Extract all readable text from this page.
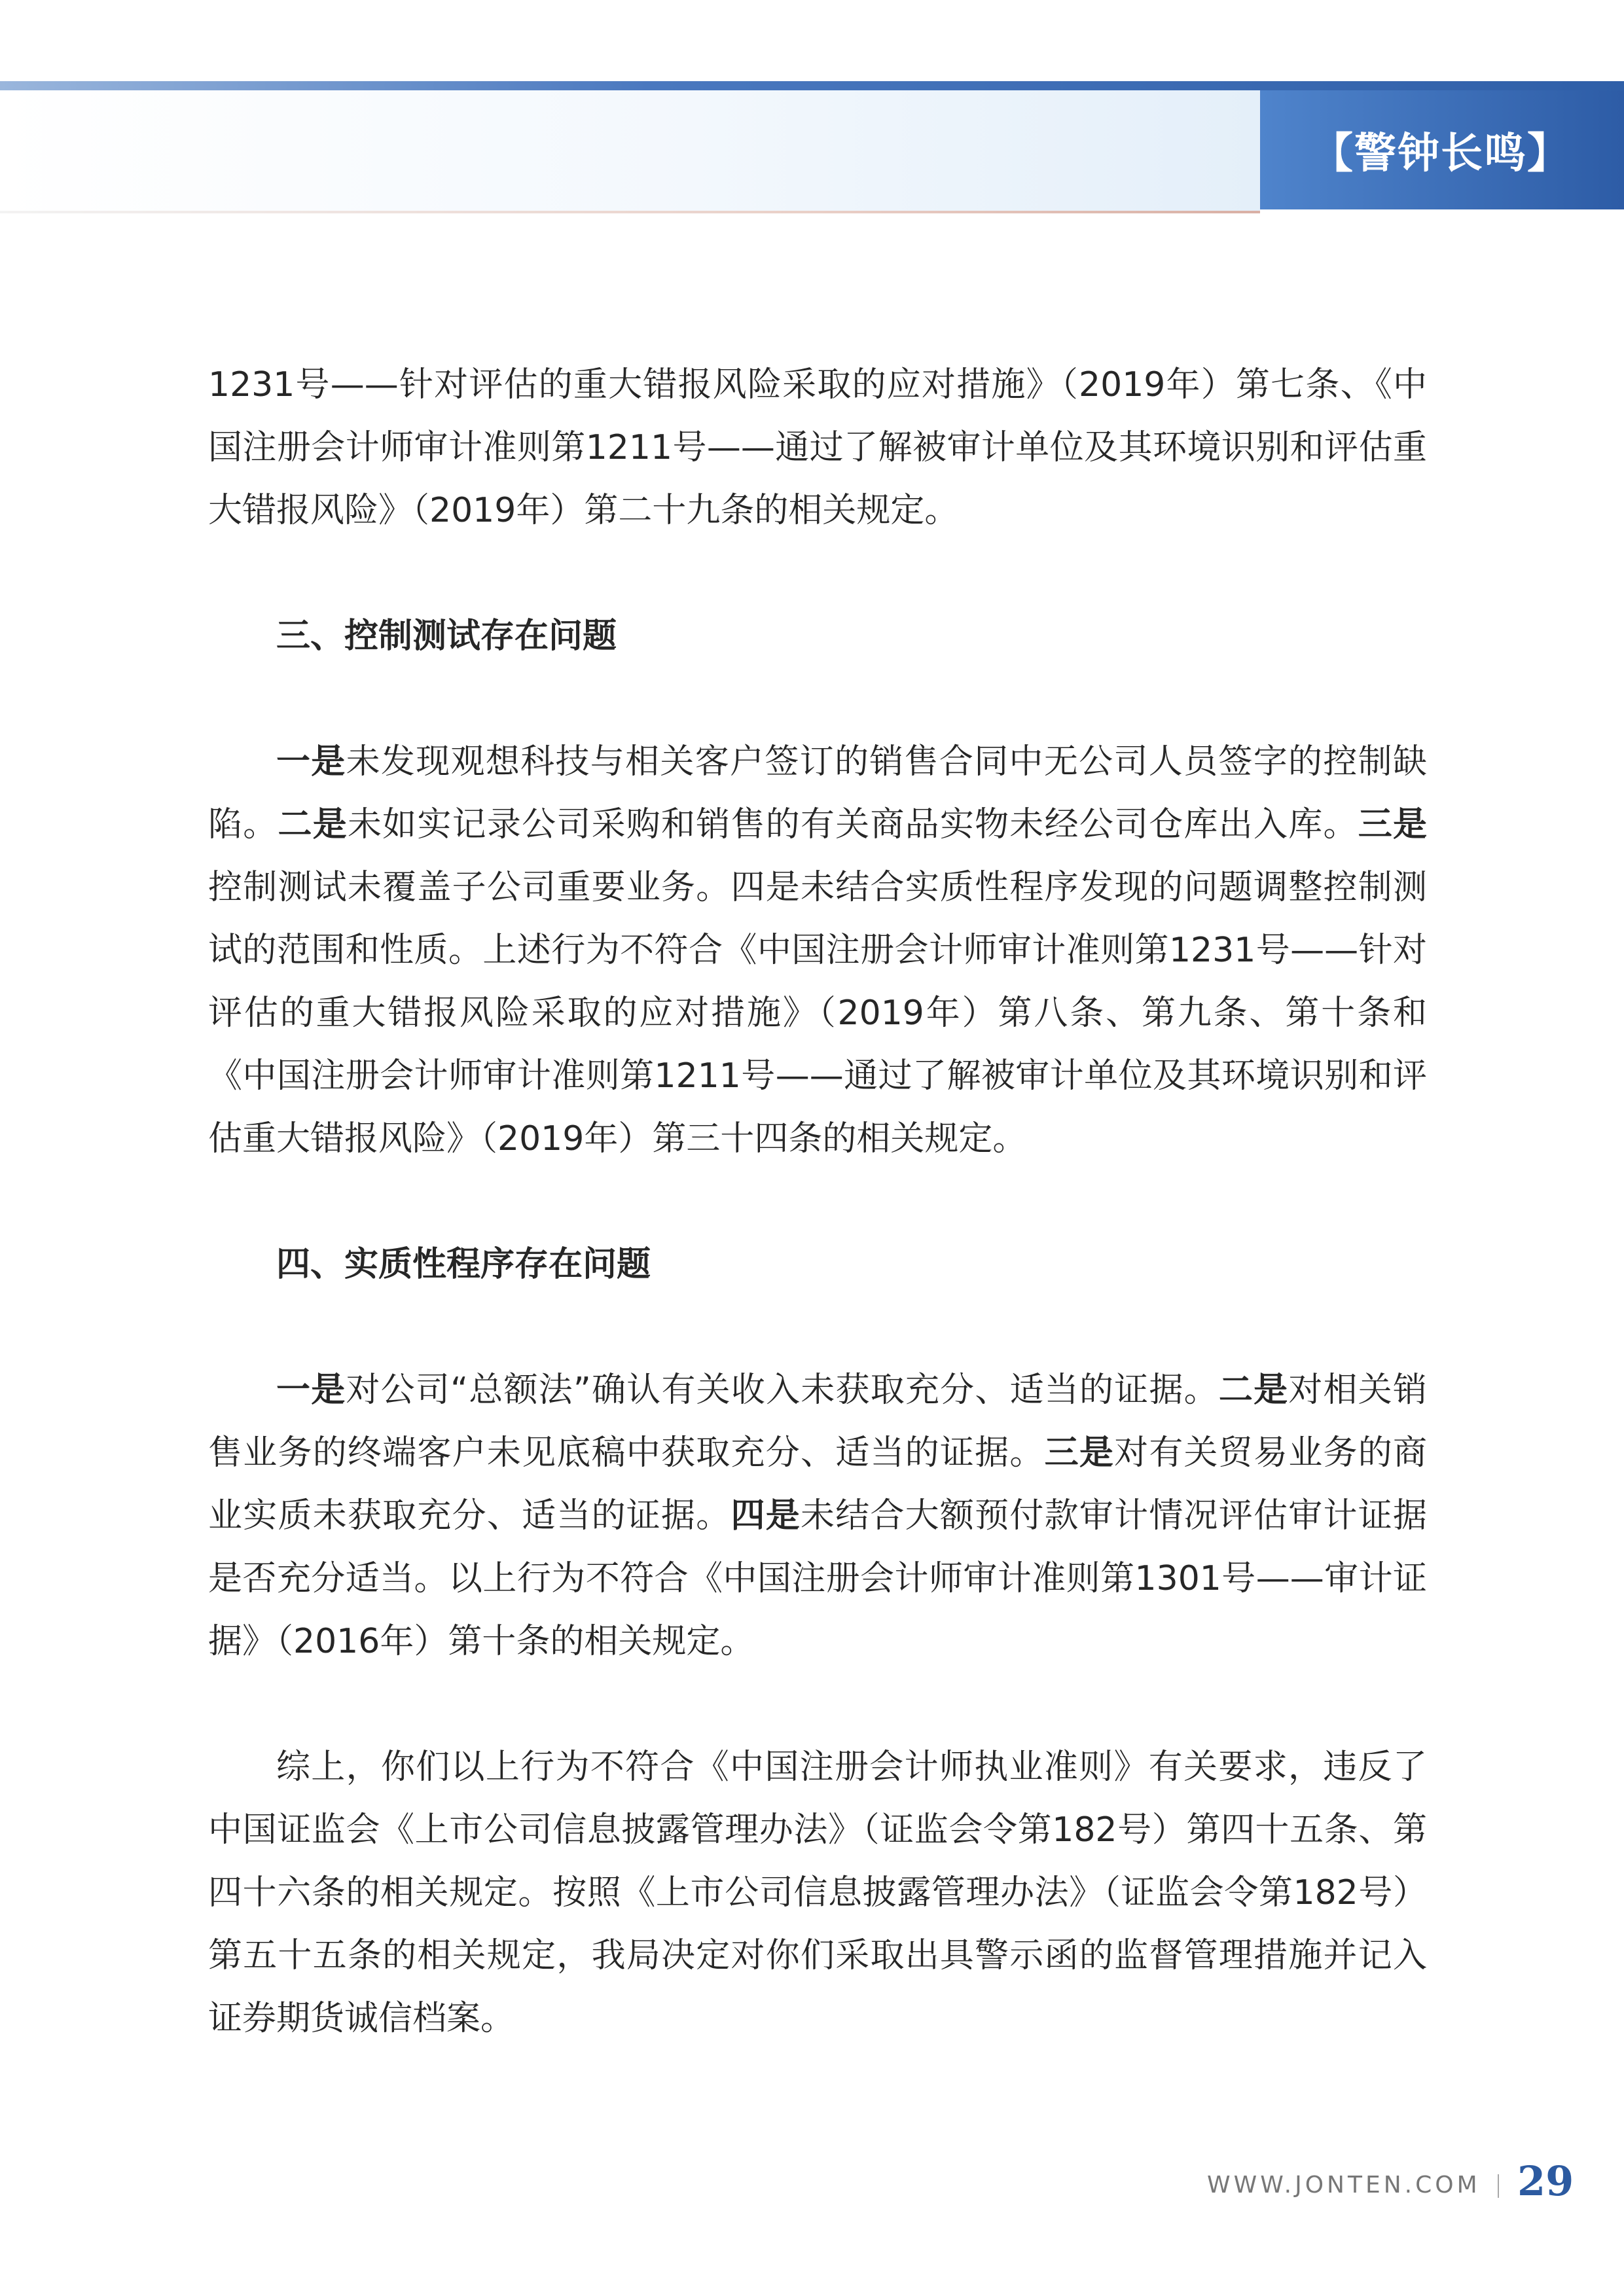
【警钟长鸣】

1231号——针对评估的重大错报风险采取的应对措施》（2019年）第七条、《中国注册会计师审计准则第1211号——通过了解被审计单位及其环境识别和评估重大错报风险》（2019年）第二十九条的相关规定。

三、控制测试存在问题

一是未发现观想科技与相关客户签订的销售合同中无公司人员签字的控制缺陷。二是未如实记录公司采购和销售的有关商品实物未经公司仓库出入库。三是控制测试未覆盖子公司重要业务。四是未结合实质性程序发现的问题调整控制测试的范围和性质。上述行为不符合《中国注册会计师审计准则第1231号——针对评估的重大错报风险采取的应对措施》（2019年）第八条、第九条、第十条和《中国注册会计师审计准则第1211号——通过了解被审计单位及其环境识别和评估重大错报风险》（2019年）第三十四条的相关规定。

四、实质性程序存在问题

一是对公司“总额法”确认有关收入未获取充分、适当的证据。二是对相关销售业务的终端客户未见底稿中获取充分、适当的证据。三是对有关贸易业务的商业实质未获取充分、适当的证据。四是未结合大额预付款审计情况评估审计证据是否充分适当。以上行为不符合《中国注册会计师审计准则第1301号——审计证据》（2016年）第十条的相关规定。

综上，你们以上行为不符合《中国注册会计师执业准则》有关要求，违反了中国证监会《上市公司信息披露管理办法》（证监会令第182号）第四十五条、第四十六条的相关规定。按照《上市公司信息披露管理办法》（证监会令第182号）第五十五条的相关规定，我局决定对你们采取出具警示函的监督管理措施并记入证券期货诚信档案。

WWW.JONTEN.COM 29
